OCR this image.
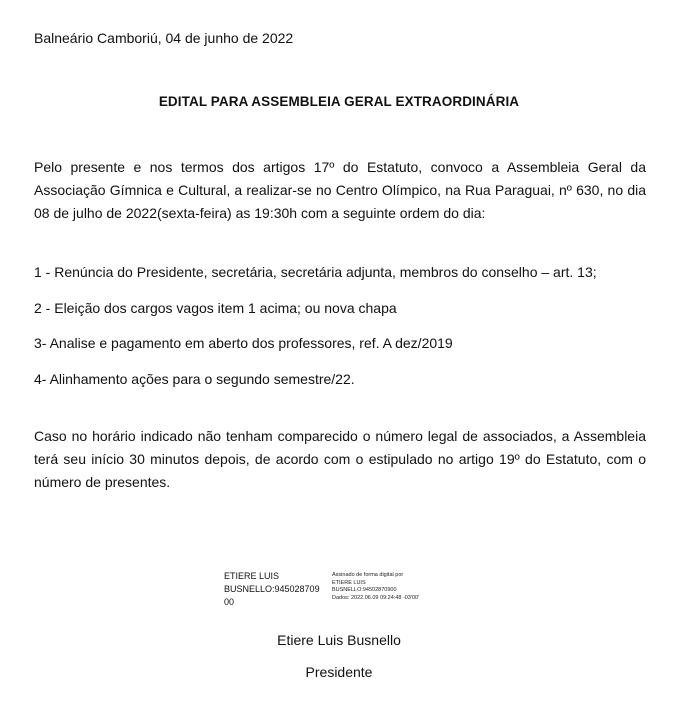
Balneário Camboriú, 04 de junho de 2022
EDITAL PARA ASSEMBLEIA GERAL EXTRAORDINÁRIA
Pelo presente e nos termos dos artigos 17º do Estatuto, convoco a Assembleia Geral da Associação Gímnica e Cultural, a realizar-se no Centro Olímpico, na Rua Paraguai, nº 630, no dia 08 de julho de 2022(sexta-feira) as 19:30h com a seguinte ordem do dia:
1 - Renúncia do Presidente, secretária, secretária adjunta, membros do conselho – art. 13;
2 - Eleição dos cargos vagos item 1 acima; ou nova chapa
3- Analise e pagamento em aberto dos professores, ref. A dez/2019
4- Alinhamento ações para o segundo semestre/22.
Caso no horário indicado não tenham comparecido o número legal de associados, a Assembleia terá seu início 30 minutos depois, de acordo com o estipulado no artigo 19º do Estatuto, com o número de presentes.
ETIERE LUIS
BUSNELLO:945028709
00
Assinado de forma digital por
ETIERE LUIS
BUSNELLO:94502870900
Dados: 2022.06.09 09:24:48 -03'00'
Etiere Luis Busnello
Presidente
